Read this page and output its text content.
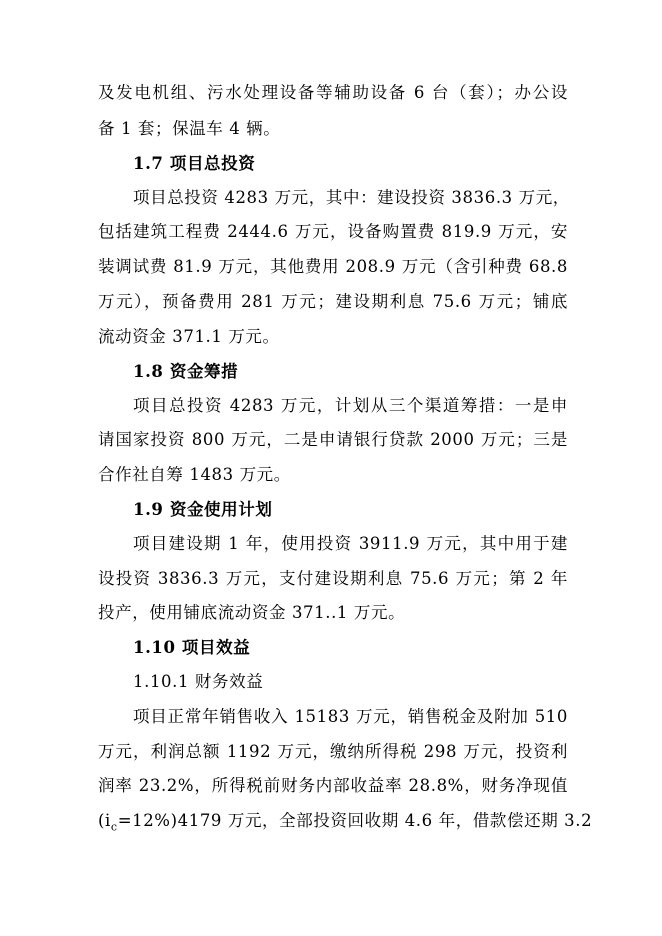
及发电机组、污水处理设备等辅助设备 6 台（套）；办公设
备 1 套；保温车 4 辆。
1.7 项目总投资
项目总投资 4283 万元，其中：建设投资 3836.3 万元，
包括建筑工程费 2444.6 万元，设备购置费 819.9 万元，安
装调试费 81.9 万元，其他费用 208.9 万元（含引种费 68.8
万元），预备费用 281 万元；建设期利息 75.6 万元；铺底
流动资金 371.1 万元。
1.8 资金筹措
项目总投资 4283 万元，计划从三个渠道筹措：一是申
请国家投资 800 万元，二是申请银行贷款 2000 万元；三是
合作社自筹 1483 万元。
1.9 资金使用计划
项目建设期 1 年，使用投资 3911.9 万元，其中用于建
设投资 3836.3 万元，支付建设期利息 75.6 万元；第 2 年
投产，使用铺底流动资金 371..1 万元。
1.10 项目效益
1.10.1 财务效益
项目正常年销售收入 15183 万元，销售税金及附加 510
万元，利润总额 1192 万元，缴纳所得税 298 万元，投资利
润率 23.2%，所得税前财务内部收益率 28.8%，财务净现值
$(i_c=12\%)4179$ 万元，全部投资回收期 4.6 年，借款偿还期 3.2
